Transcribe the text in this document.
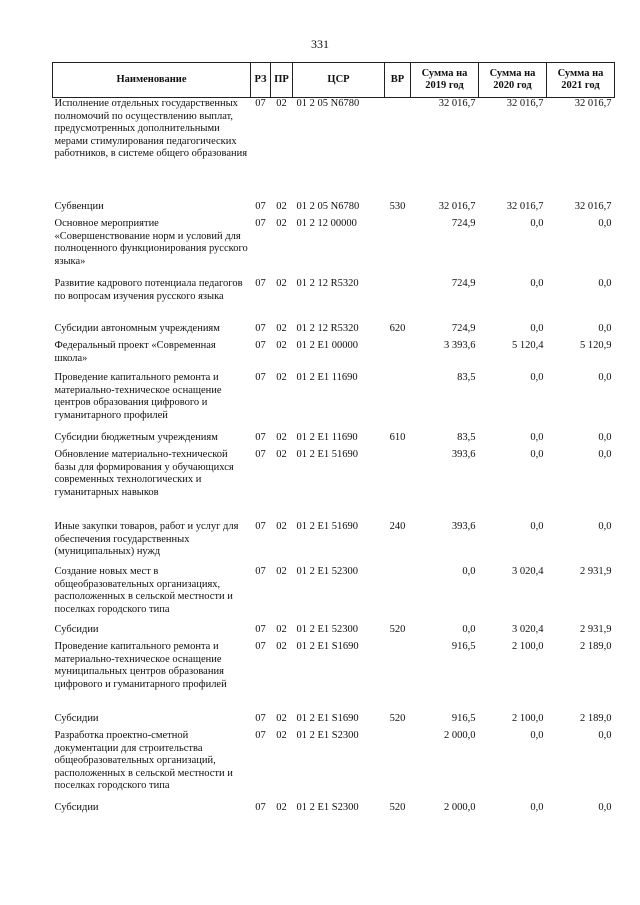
331
Наименование	РЗ	ПР	ЦСР	ВР	Сумма на 2019 год	Сумма на 2020 год	Сумма на 2021 год
Исполнение отдельных государственных полномочий по осуществлению выплат, предусмотренных дополнительными мерами стимулирования педагогических работников, в системе общего образования	07	02	01 2 05 N6780		32 016,7	32 016,7	32 016,7
Субвенции	07	02	01 2 05 N6780	530	32 016,7	32 016,7	32 016,7
Основное мероприятие «Совершенствование норм и условий для полноценного функционирования русского языка»	07	02	01 2 12 00000		724,9	0,0	0,0
Развитие кадрового потенциала педагогов по вопросам изучения русского языка	07	02	01 2 12 R5320		724,9	0,0	0,0
Субсидии автономным учреждениям	07	02	01 2 12 R5320	620	724,9	0,0	0,0
Федеральный проект «Современная школа»	07	02	01 2 E1 00000		3 393,6	5 120,4	5 120,9
Проведение капитального ремонта и материально-техническое оснащение центров образования цифрового и гуманитарного профилей	07	02	01 2 E1 11690		83,5	0,0	0,0
Субсидии бюджетным учреждениям	07	02	01 2 E1 11690	610	83,5	0,0	0,0
Обновление материально-технической базы для формирования у обучающихся современных технологических и гуманитарных навыков	07	02	01 2 E1 51690		393,6	0,0	0,0
Иные закупки товаров, работ и услуг для обеспечения государственных (муниципальных) нужд	07	02	01 2 E1 51690	240	393,6	0,0	0,0
Создание новых мест в общеобразовательных организациях, расположенных в сельской местности и поселках городского типа	07	02	01 2 E1 52300		0,0	3 020,4	2 931,9
Субсидии	07	02	01 2 E1 52300	520	0,0	3 020,4	2 931,9
Проведение капитального ремонта и материально-техническое оснащение муниципальных центров образования цифрового и гуманитарного профилей	07	02	01 2 E1 S1690		916,5	2 100,0	2 189,0
Субсидии	07	02	01 2 E1 S1690	520	916,5	2 100,0	2 189,0
Разработка проектно-сметной документации для строительства общеобразовательных организаций, расположенных в сельской местности и поселках городского типа	07	02	01 2 E1 S2300		2 000,0	0,0	0,0
Субсидии	07	02	01 2 E1 S2300	520	2 000,0	0,0	0,0
